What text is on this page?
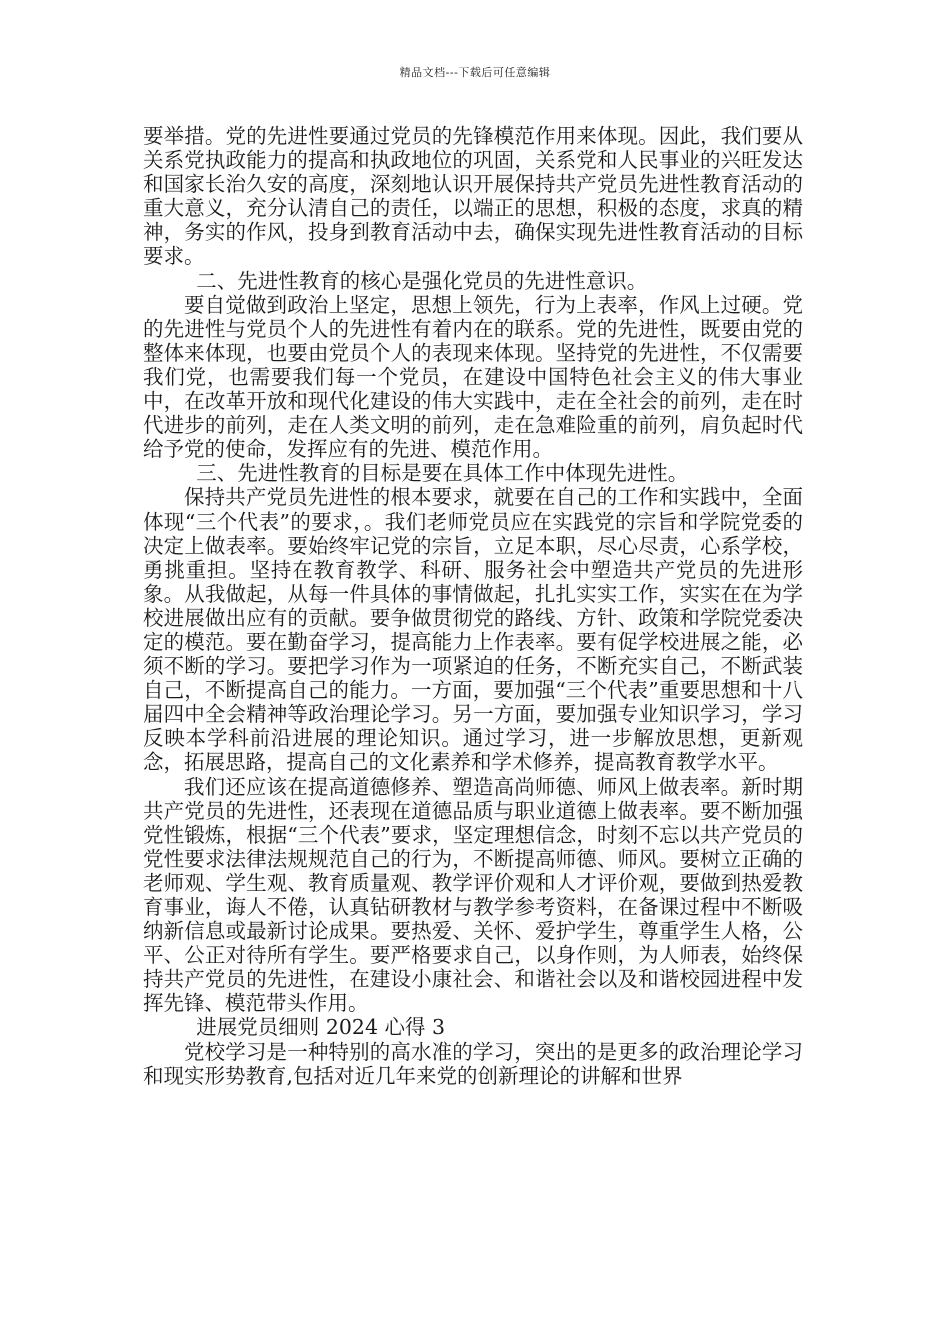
精品文档---下载后可任意编辑

要举措。党的先进性要通过党员的先锋模范作用来体现。因此，我们要从关系党执政能力的提高和执政地位的巩固，关系党和人民事业的兴旺发达和国家长治久安的高度，深刻地认识开展保持共产党员先进性教育活动的重大意义，充分认清自己的责任，以端正的思想，积极的态度，求真的精神，务实的作风，投身到教育活动中去，确保实现先进性教育活动的目标要求。

二、先进性教育的核心是强化党员的先进性意识。

要自觉做到政治上坚定，思想上领先，行为上表率，作风上过硬。党的先进性与党员个人的先进性有着内在的联系。党的先进性，既要由党的整体来体现，也要由党员个人的表现来体现。坚持党的先进性，不仅需要我们党，也需要我们每一个党员，在建设中国特色社会主义的伟大事业中，在改革开放和现代化建设的伟大实践中，走在全社会的前列，走在时代进步的前列，走在人类文明的前列，走在急难险重的前列，肩负起时代给予党的使命，发挥应有的先进、模范作用。

三、先进性教育的目标是要在具体工作中体现先进性。

保持共产党员先进性的根本要求，就要在自己的工作和实践中，全面体现“三个代表”的要求，。我们老师党员应在实践党的宗旨和学院党委的决定上做表率。要始终牢记党的宗旨，立足本职，尽心尽责，心系学校，勇挑重担。坚持在教育教学、科研、服务社会中塑造共产党员的先进形象。从我做起，从每一件具体的事情做起，扎扎实实工作，实实在在为学校进展做出应有的贡献。要争做贯彻党的路线、方针、政策和学院党委决定的模范。要在勤奋学习，提高能力上作表率。要有促学校进展之能，必须不断的学习。要把学习作为一项紧迫的任务，不断充实自己，不断武装自己，不断提高自己的能力。一方面，要加强“三个代表”重要思想和十八届四中全会精神等政治理论学习。另一方面，要加强专业知识学习，学习反映本学科前沿进展的理论知识。通过学习，进一步解放思想，更新观念，拓展思路，提高自己的文化素养和学术修养，提高教育教学水平。

我们还应该在提高道德修养、塑造高尚师德、师风上做表率。新时期共产党员的先进性，还表现在道德品质与职业道德上做表率。要不断加强党性锻炼，根据“三个代表”要求，坚定理想信念，时刻不忘以共产党员的党性要求法律法规规范自己的行为，不断提高师德、师风。要树立正确的老师观、学生观、教育质量观、教学评价观和人才评价观，要做到热爱教育事业，诲人不倦，认真钻研教材与教学参考资料，在备课过程中不断吸纳新信息或最新讨论成果。要热爱、关怀、爱护学生，尊重学生人格，公平、公正对待所有学生。要严格要求自己，以身作则，为人师表，始终保持共产党员的先进性，在建设小康社会、和谐社会以及和谐校园进程中发挥先锋、模范带头作用。

进展党员细则 2024 心得 3

党校学习是一种特别的高水准的学习，突出的是更多的政治理论学习和现实形势教育,包括对近几年来党的创新理论的讲解和世界
